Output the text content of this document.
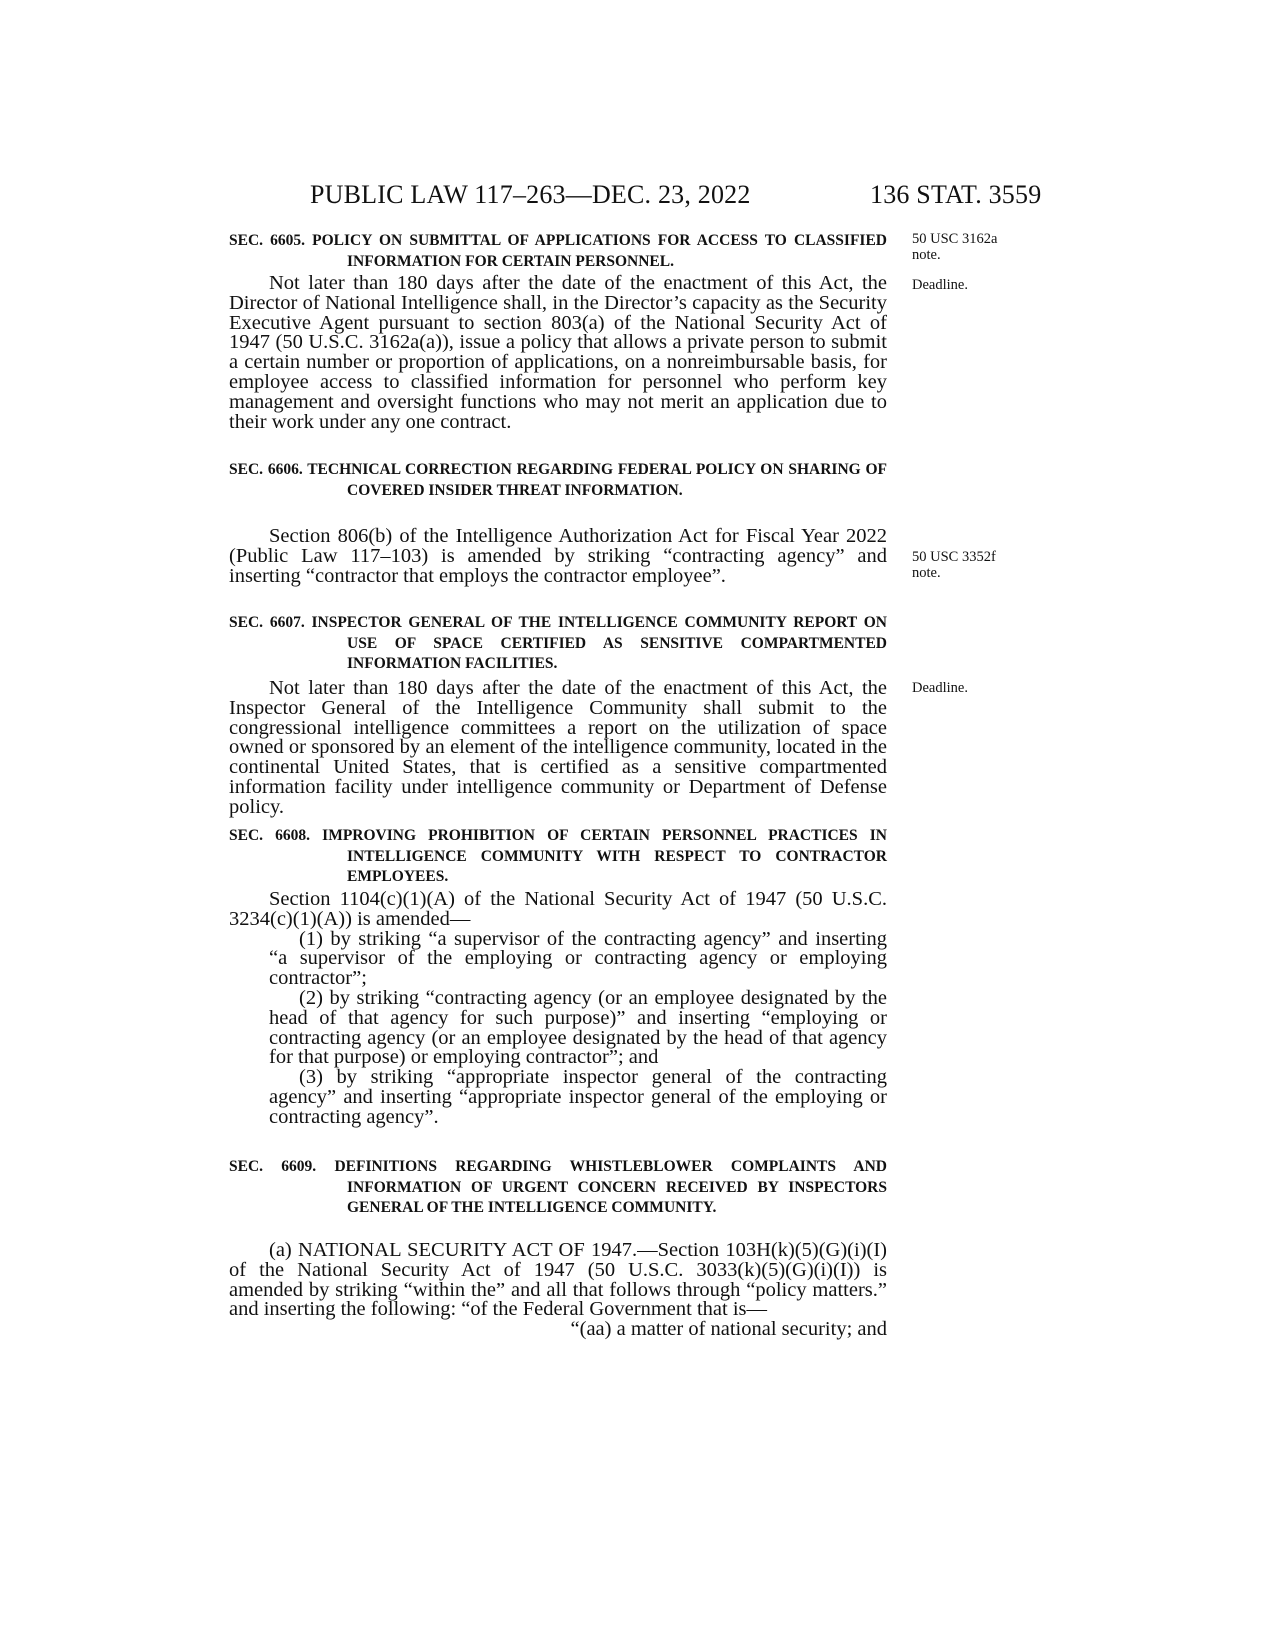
PUBLIC LAW 117–263—DEC. 23, 2022	136 STAT. 3559
50 USC 3162a
note.
Deadline.
50 USC 3352f
note.
Deadline.
SEC. 6605. POLICY ON SUBMITTAL OF APPLICATIONS FOR ACCESS TO CLASSIFIED INFORMATION FOR CERTAIN PERSONNEL.

Not later than 180 days after the date of the enactment of this Act, the Director of National Intelligence shall, in the Director’s capacity as the Security Executive Agent pursuant to section 803(a) of the National Security Act of 1947 (50 U.S.C. 3162a(a)), issue a policy that allows a private person to submit a certain number or proportion of applications, on a nonreimbursable basis, for employee access to classified information for personnel who perform key management and oversight functions who may not merit an application due to their work under any one contract.

SEC. 6606. TECHNICAL CORRECTION REGARDING FEDERAL POLICY ON SHARING OF COVERED INSIDER THREAT INFORMATION.

Section 806(b) of the Intelligence Authorization Act for Fiscal Year 2022 (Public Law 117–103) is amended by striking “contracting agency” and inserting “contractor that employs the contractor employee”.

SEC. 6607. INSPECTOR GENERAL OF THE INTELLIGENCE COMMUNITY REPORT ON USE OF SPACE CERTIFIED AS SENSITIVE COMPARTMENTED INFORMATION FACILITIES.

Not later than 180 days after the date of the enactment of this Act, the Inspector General of the Intelligence Community shall submit to the congressional intelligence committees a report on the utilization of space owned or sponsored by an element of the intelligence community, located in the continental United States, that is certified as a sensitive compartmented information facility under intelligence community or Department of Defense policy.

SEC. 6608. IMPROVING PROHIBITION OF CERTAIN PERSONNEL PRACTICES IN INTELLIGENCE COMMUNITY WITH RESPECT TO CONTRACTOR EMPLOYEES.

Section 1104(c)(1)(A) of the National Security Act of 1947 (50 U.S.C. 3234(c)(1)(A)) is amended—

(1) by striking “a supervisor of the contracting agency” and inserting “a supervisor of the employing or contracting agency or employing contractor”;

(2) by striking “contracting agency (or an employee designated by the head of that agency for such purpose)” and inserting “employing or contracting agency (or an employee designated by the head of that agency for that purpose) or employing contractor”; and

(3) by striking “appropriate inspector general of the contracting agency” and inserting “appropriate inspector general of the employing or contracting agency”.

SEC. 6609. DEFINITIONS REGARDING WHISTLEBLOWER COMPLAINTS AND INFORMATION OF URGENT CONCERN RECEIVED BY INSPECTORS GENERAL OF THE INTELLIGENCE COMMUNITY.

(a) NATIONAL SECURITY ACT OF 1947.—Section 103H(k)(5)(G)(i)(I) of the National Security Act of 1947 (50 U.S.C. 3033(k)(5)(G)(i)(I)) is amended by striking “within the” and all that follows through “policy matters.” and inserting the following: “of the Federal Government that is—

“(aa) a matter of national security; and
